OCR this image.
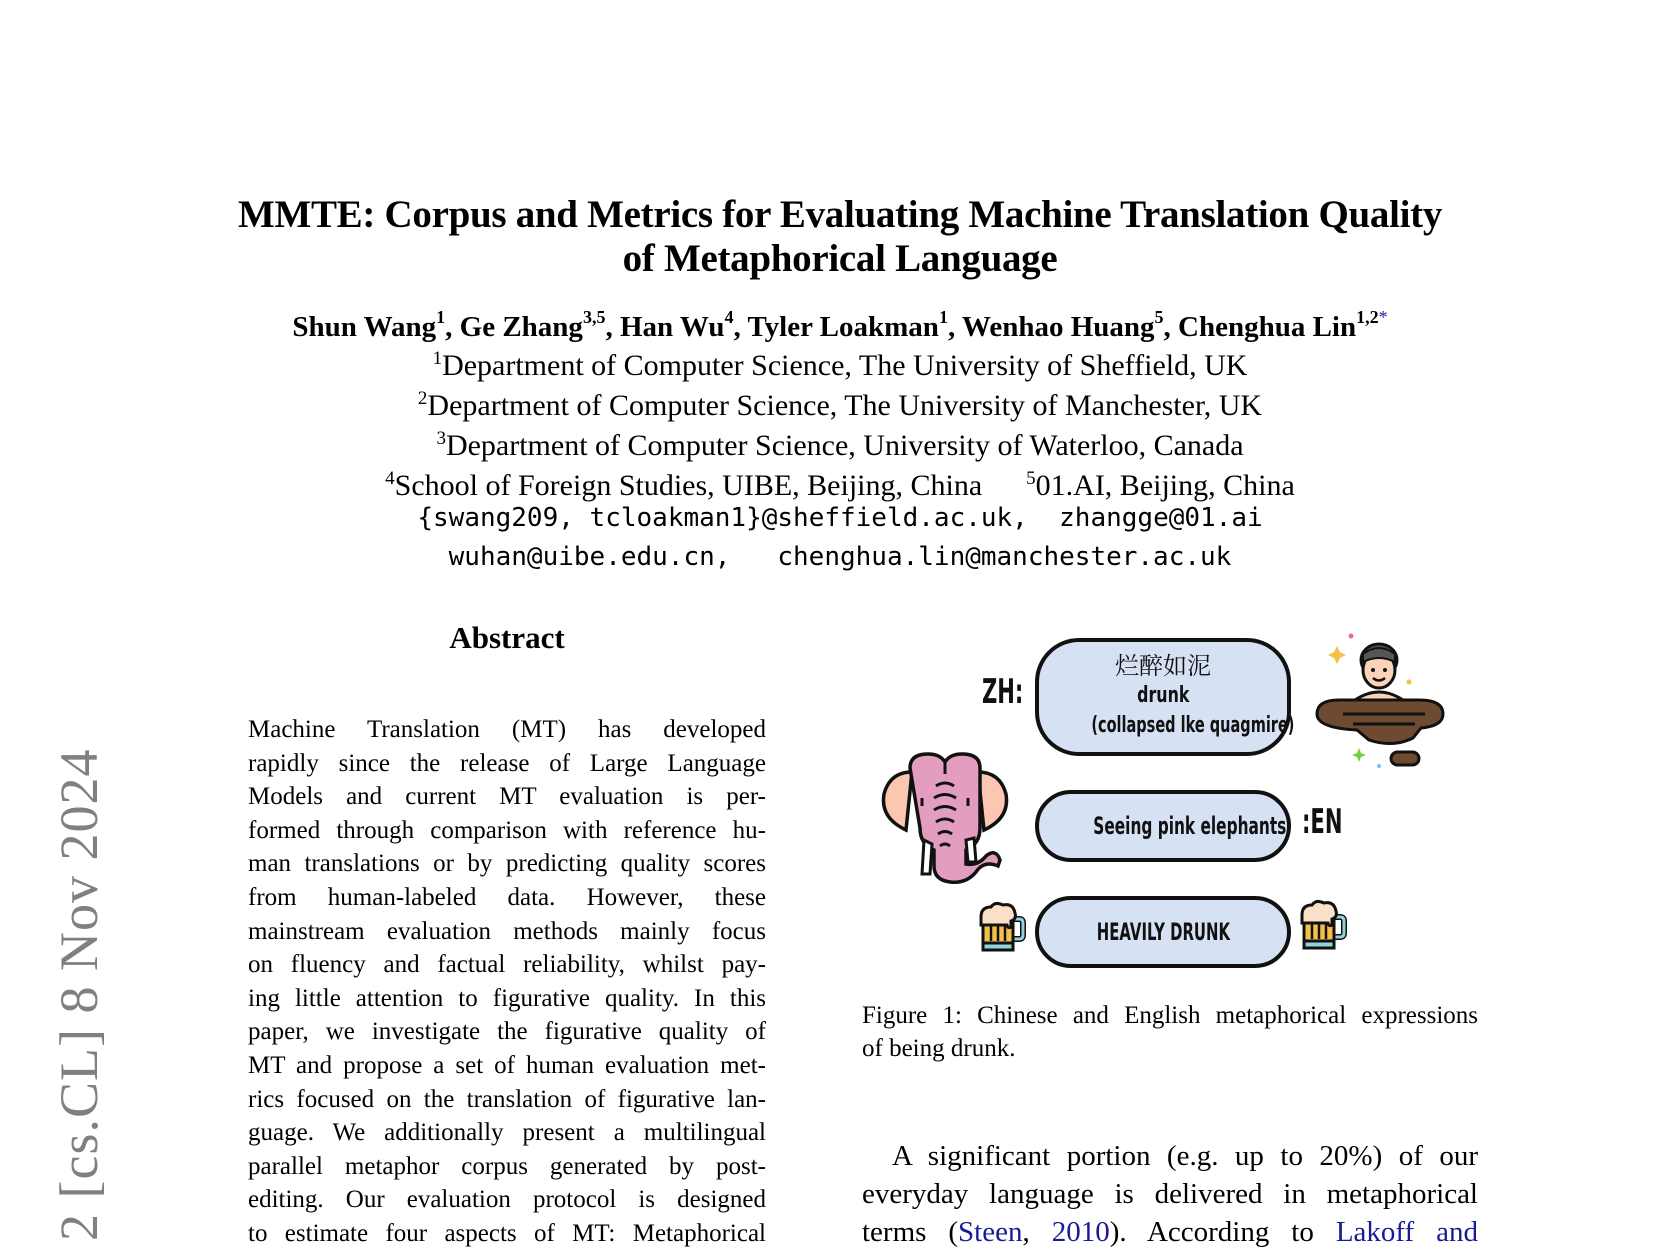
MMTE: Corpus and Metrics for Evaluating Machine Translation Quality
of Metaphorical Language
Shun Wang$^1$, Ge Zhang$^{3,5}$, Han Wu$^4$, Tyler Loakman$^1$, Wenhao Huang$^5$, Chenghua Lin$^{1,2*}$
$^1$Department of Computer Science, The University of Sheffield, UK
$^2$Department of Computer Science, The University of Manchester, UK
$^3$Department of Computer Science, University of Waterloo, Canada
$^4$School of Foreign Studies, UIBE, Beijing, China $^5$01.AI, Beijing, China
{swang209, tcloakman1}@sheffield.ac.uk,  zhangge@01.ai
wuhan@uibe.edu.cn,   chenghua.lin@manchester.ac.uk
2 [cs.CL] 8 Nov 2024
Abstract
Machine Translation (MT) has developed
rapidly since the release of Large Language
Models and current MT evaluation is per-
formed through comparison with reference hu-
man translations or by predicting quality scores
from human-labeled data. However, these
mainstream evaluation methods mainly focus
on fluency and factual reliability, whilst pay-
ing little attention to figurative quality. In this
paper, we investigate the figurative quality of
MT and propose a set of human evaluation met-
rics focused on the translation of figurative lan-
guage. We additionally present a multilingual
parallel metaphor corpus generated by post-
editing. Our evaluation protocol is designed
to estimate four aspects of MT: Metaphorical
ZH:
烂醉如泥
drunk
(collapsed lke quagmire)
Seeing pink elephants :EN
HEAVILY DRUNK
Figure 1: Chinese and English metaphorical expressions
of being drunk.
A significant portion (e.g. up to 20%) of our
everyday language is delivered in metaphorical
terms (Steen, 2010). According to Lakoff and
